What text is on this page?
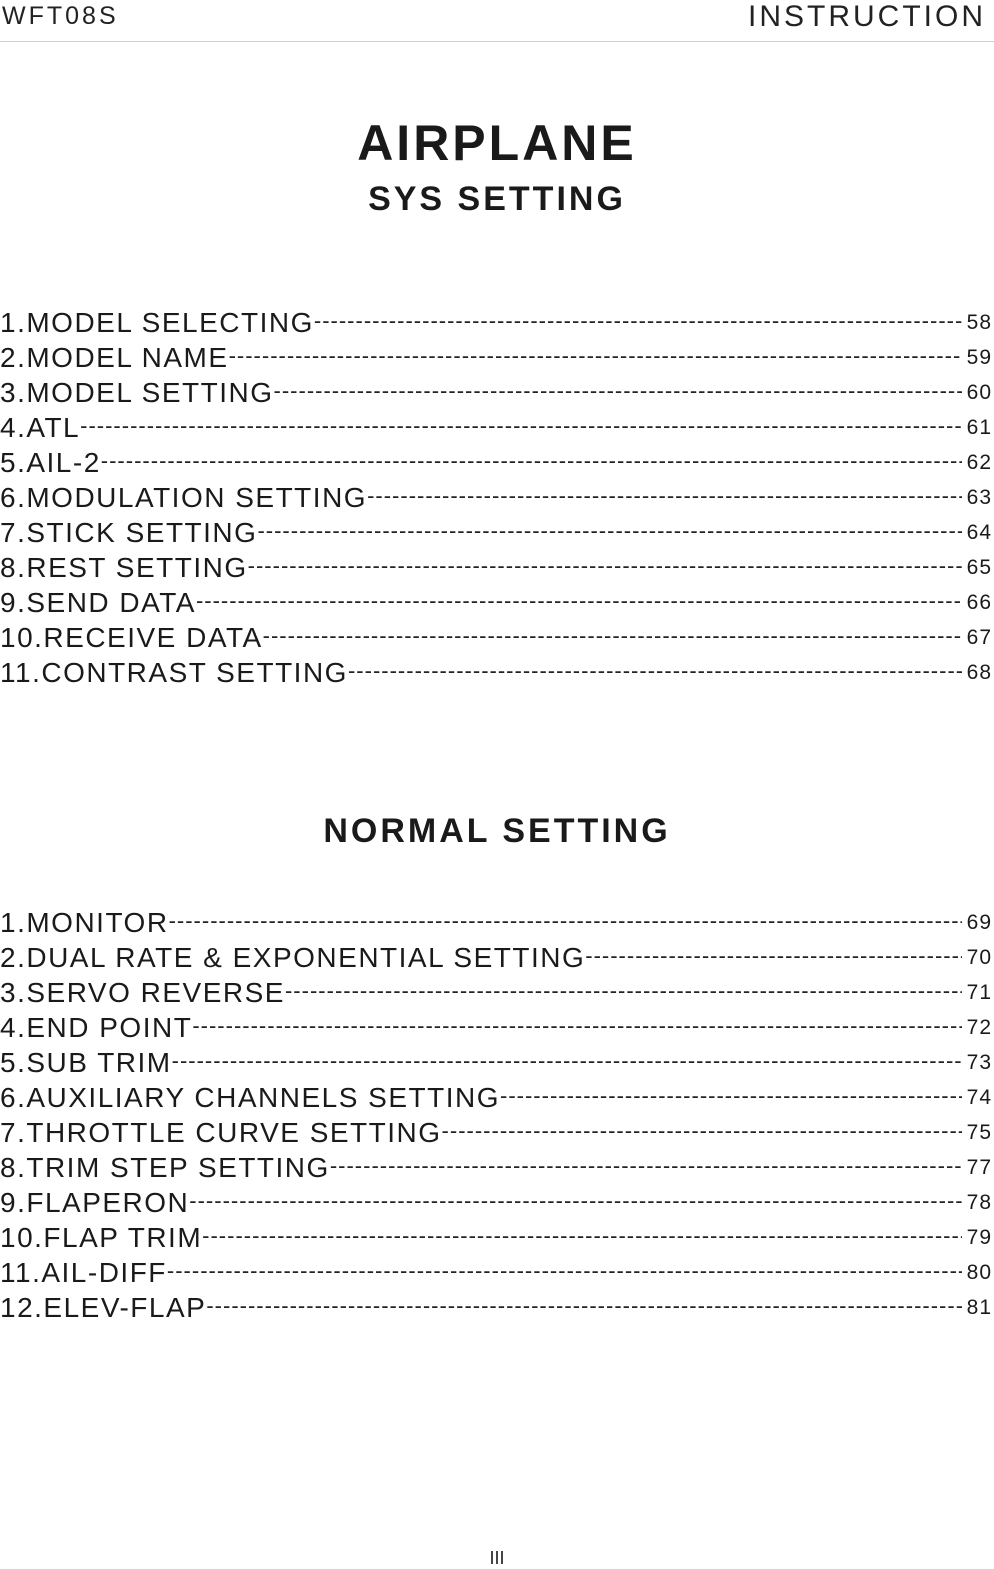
WFT08S	INSTRUCTION
AIRPLANE
SYS SETTING
1.MODEL SELECTING -----	58
2.MODEL NAME -----	59
3.MODEL SETTING -----	60
4.ATL -----	61
5.AIL-2 -----	62
6.MODULATION SETTING -----	63
7.STICK SETTING -----	64
8.REST SETTING -----	65
9.SEND DATA -----	66
10.RECEIVE DATA -----	67
11.CONTRAST SETTING -----	68
NORMAL SETTING
1.MONITOR -----	69
2.DUAL RATE & EXPONENTIAL SETTING -----	70
3.SERVO REVERSE -----	71
4.END POINT -----	72
5.SUB TRIM -----	73
6.AUXILIARY CHANNELS SETTING -----	74
7.THROTTLE CURVE SETTING -----	75
8.TRIM STEP SETTING -----	77
9.FLAPERON -----	78
10.FLAP TRIM -----	79
11.AIL-DIFF -----	80
12.ELEV-FLAP -----	81
III
